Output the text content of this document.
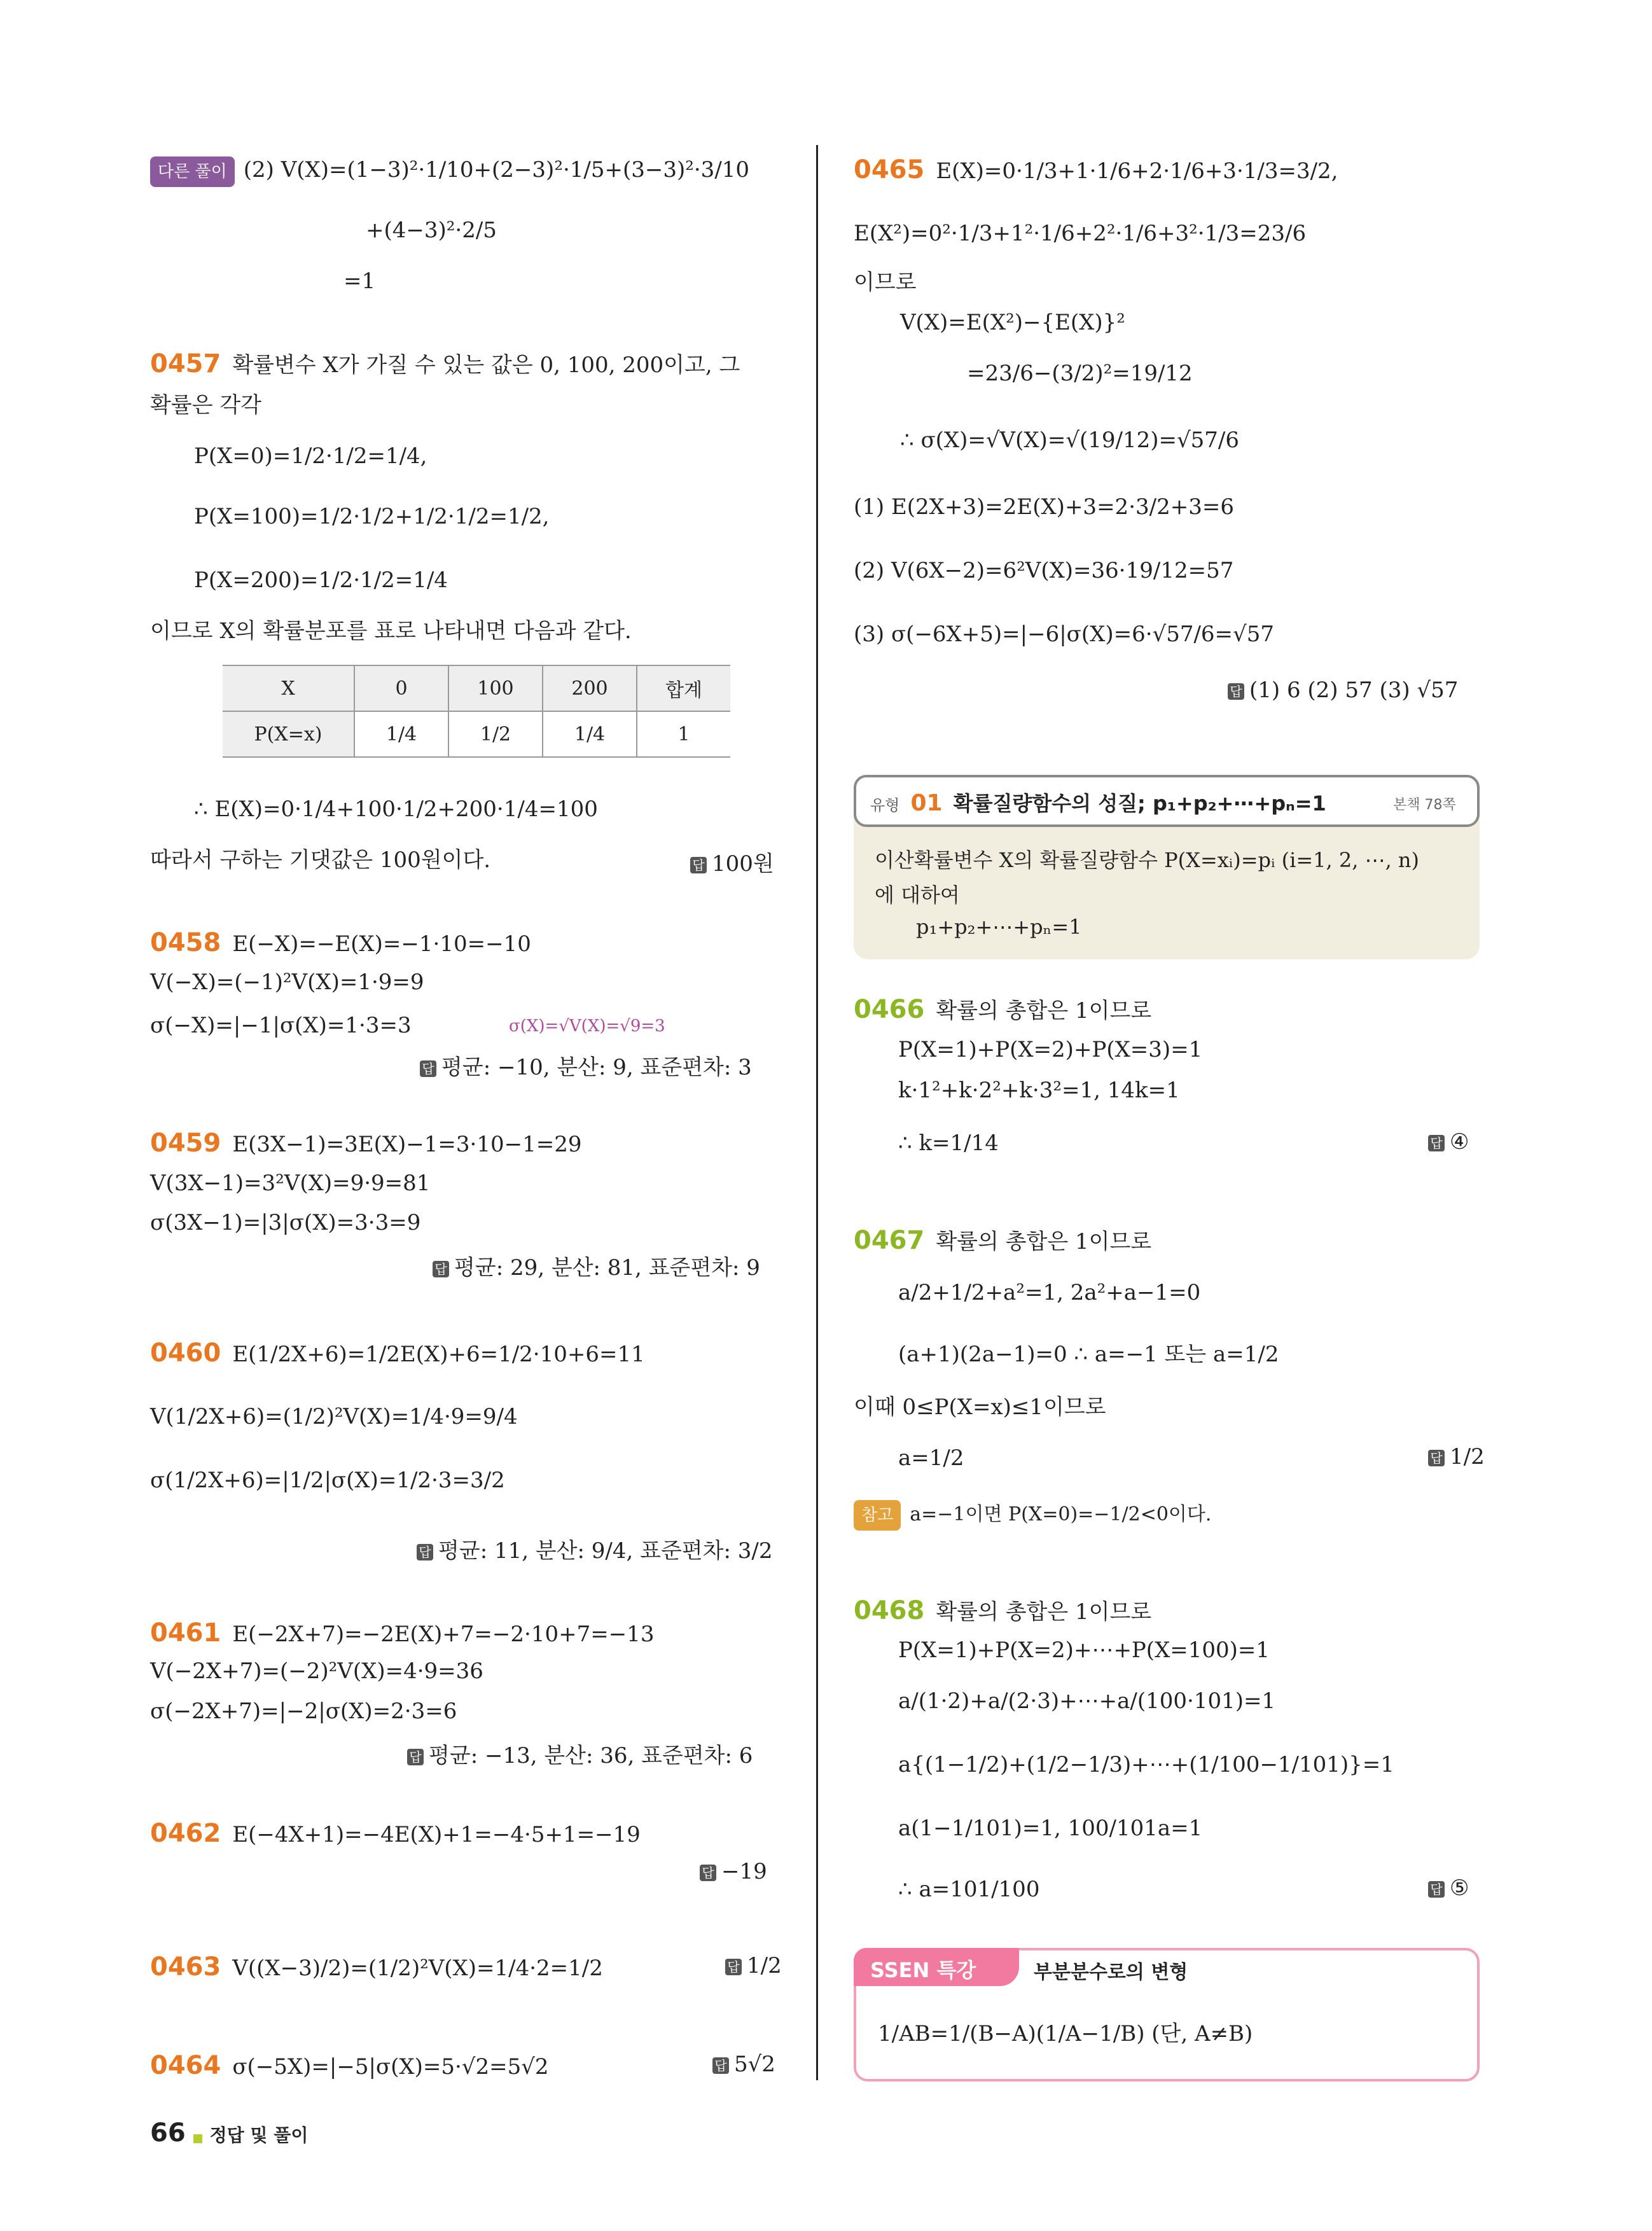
다른 풀이 (2) V(X)=(1−3)²·1/10+(2−3)²·1/5+(3−3)²·3/10
+(4−3)²·2/5
=1
0457 확률변수 X가 가질 수 있는 값은 0, 100, 200이고, 그
확률은 각각
P(X=0)=1/2·1/2=1/4,
P(X=100)=1/2·1/2+1/2·1/2=1/2,
P(X=200)=1/2·1/2=1/4
이므로 X의 확률분포를 표로 나타내면 다음과 같다.
X	0	100	200	합계
P(X=x)	1/4	1/2	1/4	1
∴ E(X)=0·1/4+100·1/2+200·1/4=100
따라서 구하는 기댓값은 100원이다.	답 100원
0458 E(−X)=−E(X)=−1·10=−10
V(−X)=(−1)²V(X)=1·9=9
σ(−X)=|−1|σ(X)=1·3=3	σ(X)=√V(X)=√9=3
답 평균: −10, 분산: 9, 표준편차: 3
0459 E(3X−1)=3E(X)−1=3·10−1=29
V(3X−1)=3²V(X)=9·9=81
σ(3X−1)=|3|σ(X)=3·3=9
답 평균: 29, 분산: 81, 표준편차: 9
0460 E(1/2X+6)=1/2E(X)+6=1/2·10+6=11
V(1/2X+6)=(1/2)²V(X)=1/4·9=9/4
σ(1/2X+6)=|1/2|σ(X)=1/2·3=3/2
답 평균: 11, 분산: 9/4, 표준편차: 3/2
0461 E(−2X+7)=−2E(X)+7=−2·10+7=−13
V(−2X+7)=(−2)²V(X)=4·9=36
σ(−2X+7)=|−2|σ(X)=2·3=6
답 평균: −13, 분산: 36, 표준편차: 6
0462 E(−4X+1)=−4E(X)+1=−4·5+1=−19
답 −19
0463 V((X−3)/2)=(1/2)²V(X)=1/4·2=1/2	답 1/2
0464 σ(−5X)=|−5|σ(X)=5·√2=5√2	답 5√2
0465 E(X)=0·1/3+1·1/6+2·1/6+3·1/3=3/2,
E(X²)=0²·1/3+1²·1/6+2²·1/6+3²·1/3=23/6
이므로
V(X)=E(X²)−{E(X)}²
=23/6−(3/2)²=19/12
∴ σ(X)=√V(X)=√(19/12)=√57/6
(1) E(2X+3)=2E(X)+3=2·3/2+3=6
(2) V(6X−2)=6²V(X)=36·19/12=57
(3) σ(−6X+5)=|−6|σ(X)=6·√57/6=√57
답 (1) 6 (2) 57 (3) √57
유형 01 확률질량함수의 성질; p₁+p₂+⋯+pₙ=1	본책 78쪽
이산확률변수 X의 확률질량함수 P(X=xᵢ)=pᵢ (i=1, 2, ⋯, n)
에 대하여
p₁+p₂+⋯+pₙ=1
0466 확률의 총합은 1이므로
P(X=1)+P(X=2)+P(X=3)=1
k·1²+k·2²+k·3²=1, 14k=1
∴ k=1/14	답 ④
0467 확률의 총합은 1이므로
a/2+1/2+a²=1, 2a²+a−1=0
(a+1)(2a−1)=0 ∴ a=−1 또는 a=1/2
이때 0≤P(X=x)≤1이므로
a=1/2	답 1/2
참고 a=−1이면 P(X=0)=−1/2<0이다.
0468 확률의 총합은 1이므로
P(X=1)+P(X=2)+⋯+P(X=100)=1
a/(1·2)+a/(2·3)+⋯+a/(100·101)=1
a{(1−1/2)+(1/2−1/3)+⋯+(1/100−1/101)}=1
a(1−1/101)=1, 100/101a=1
∴ a=101/100	답 ⑤
SSEN 특강	부분분수로의 변형
1/AB=1/(B−A)(1/A−1/B) (단, A≠B)
66 정답 및 풀이
